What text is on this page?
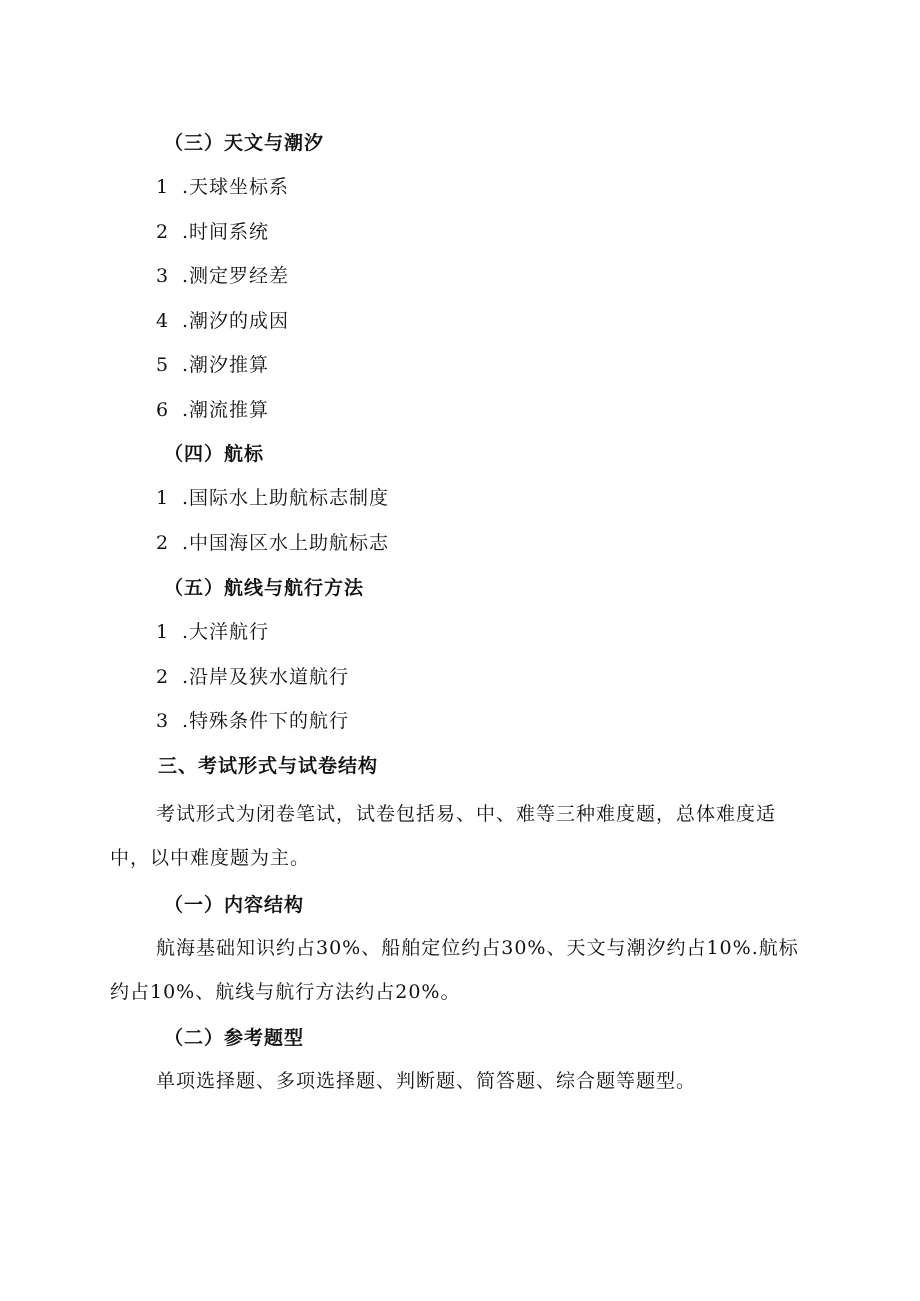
（三）天文与潮汐
1 .天球坐标系
2 .时间系统
3 .测定罗经差
4 .潮汐的成因
5 .潮汐推算
6 .潮流推算
（四）航标
1 .国际水上助航标志制度
2 .中国海区水上助航标志
（五）航线与航行方法
1 .大洋航行
2 .沿岸及狭水道航行
3 .特殊条件下的航行
三、考试形式与试卷结构
考试形式为闭卷笔试，试卷包括易、中、难等三种难度题，总体难度适中，以中难度题为主。
（一）内容结构
航海基础知识约占30%、船舶定位约占30%、天文与潮汐约占10%.航标约占10%、航线与航行方法约占20%。
（二）参考题型
单项选择题、多项选择题、判断题、简答题、综合题等题型。
